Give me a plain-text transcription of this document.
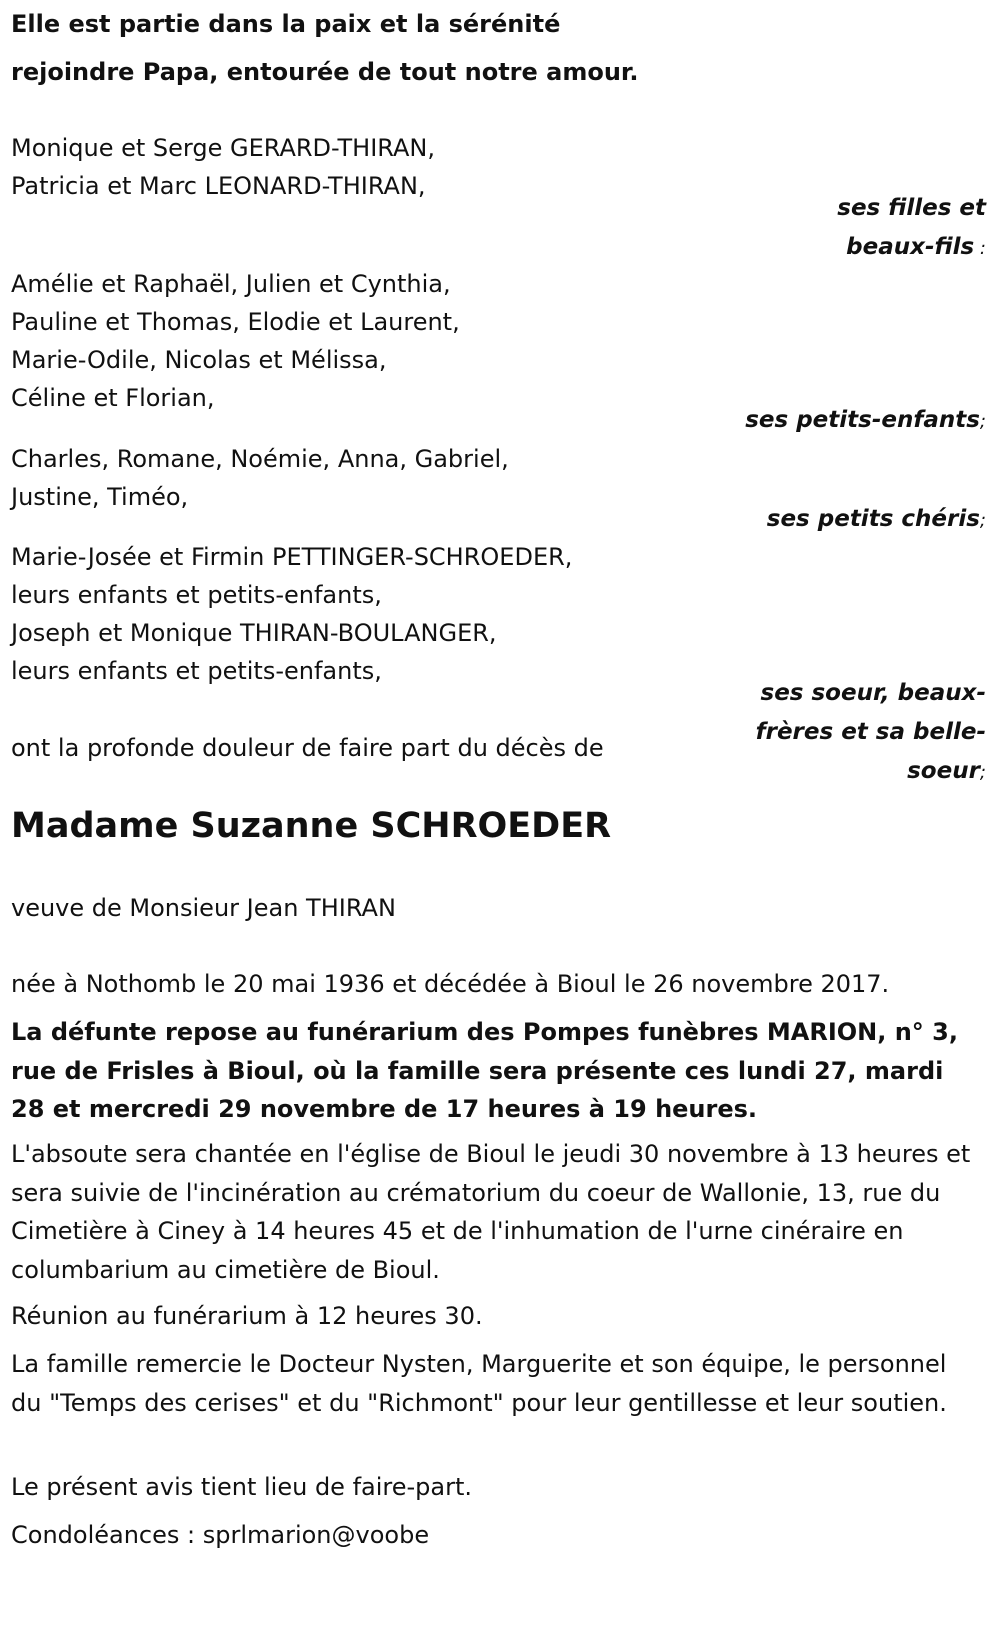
Elle est partie dans la paix et la sérénité
rejoindre Papa, entourée de tout notre amour.
Monique et Serge GERARD-THIRAN,
Patricia et Marc LEONARD-THIRAN,
ses filles et
beaux-fils :
Amélie et Raphaël, Julien et Cynthia,
Pauline et Thomas, Elodie et Laurent,
Marie-Odile, Nicolas et Mélissa,
Céline et Florian,
ses petits-enfants;
Charles, Romane, Noémie, Anna, Gabriel,
Justine, Timéo,
ses petits chéris;
Marie-Josée et Firmin PETTINGER-SCHROEDER,
leurs enfants et petits-enfants,
Joseph et Monique THIRAN-BOULANGER,
leurs enfants et petits-enfants,
ses soeur, beaux-
frères et sa belle-
soeur;
ont la profonde douleur de faire part du décès de
Madame Suzanne SCHROEDER
veuve de Monsieur Jean THIRAN
née à Nothomb le 20 mai 1936 et décédée à Bioul le 26 novembre 2017.
La défunte repose au funérarium des Pompes funèbres MARION, n° 3, rue de Frisles à Bioul, où la famille sera présente ces lundi 27, mardi 28 et mercredi 29 novembre de 17 heures à 19 heures.
L'absoute sera chantée en l'église de Bioul le jeudi 30 novembre à 13 heures et sera suivie de l'incinération au crématorium du coeur de Wallonie, 13, rue du Cimetière à Ciney à 14 heures 45 et de l'inhumation de l'urne cinéraire en columbarium au cimetière de Bioul.
Réunion au funérarium à 12 heures 30.
La famille remercie le Docteur Nysten, Marguerite et son équipe, le personnel du "Temps des cerises" et du "Richmont" pour leur gentillesse et leur soutien.
Le présent avis tient lieu de faire-part.
Condoléances : sprlmarion@voobe
